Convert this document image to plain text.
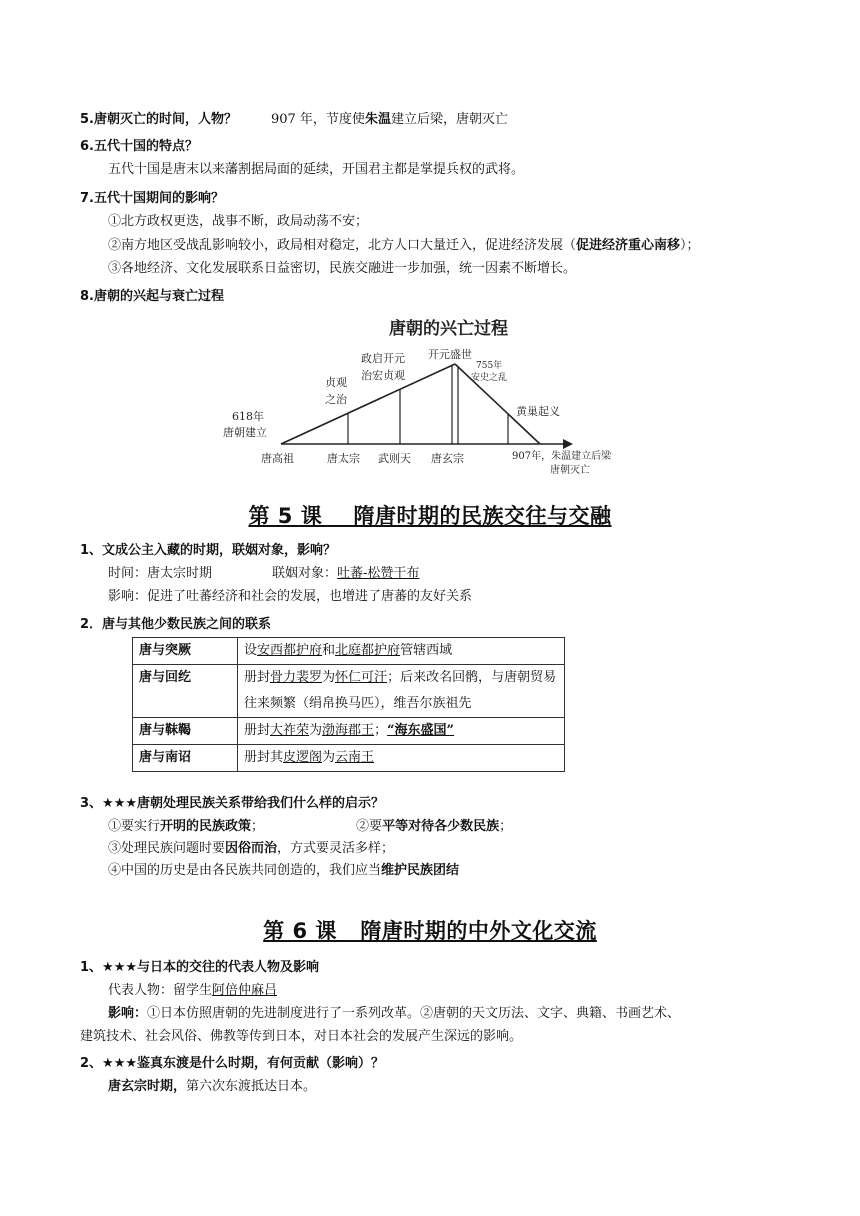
5.唐朝灭亡的时间，人物？	907 年，节度使朱温建立后梁，唐朝灭亡
6.五代十国的特点？
五代十国是唐末以来藩割据局面的延续，开国君主都是掌提兵权的武将。
7.五代十国期间的影响？
①北方政权更迭，战事不断，政局动荡不安；
②南方地区受战乱影响较小，政局相对稳定，北方人口大量迁入，促进经济发展（促进经济重心南移）；
③各地经济、文化发展联系日益密切，民族交融进一步加强，统一因素不断增长。
8.唐朝的兴起与衰亡过程
唐朝的兴亡过程
618年
唐朝建立
贞观
之治
政启开元
治宏贞观
开元盛世
755年
安史之乱
黄巢起义
唐高祖	唐太宗 武则天 唐玄宗	907年，朱温建立后梁
唐朝灭亡
第 5 课    隋唐时期的民族交往与交融
1、文成公主入藏的时期，联姻对象，影响？
时间：唐太宗时期	联姻对象：吐蕃-松赞干布
影响：促进了吐蕃经济和社会的发展，也增进了唐蕃的友好关系
2．唐与其他少数民族之间的联系
唐与突厥	设安西都护府和北庭都护府管辖西域
唐与回纥	册封骨力裴罗为怀仁可汗；后来改名回鹘，与唐朝贸易往来频繁（绢帛换马匹），维吾尔族祖先
唐与靺鞨	册封大祚荣为渤海郡王；“海东盛国”
唐与南诏	册封其皮逻阁为云南王
3、★★★唐朝处理民族关系带给我们什么样的启示？
①要实行开明的民族政策；	②要平等对待各少数民族；
③处理民族问题时要因俗而治，方式要灵活多样；
④中国的历史是由各民族共同创造的，我们应当维护民族团结
第 6 课   隋唐时期的中外文化交流
1、★★★与日本的交往的代表人物及影响
代表人物：留学生阿倍仲麻吕
影响：①日本仿照唐朝的先进制度进行了一系列改革。②唐朝的天文历法、文字、典籍、书画艺术、
建筑技术、社会风俗、佛教等传到日本，对日本社会的发展产生深远的影响。
2、★★★鉴真东渡是什么时期，有何贡献（影响）？
唐玄宗时期，第六次东渡抵达日本。
